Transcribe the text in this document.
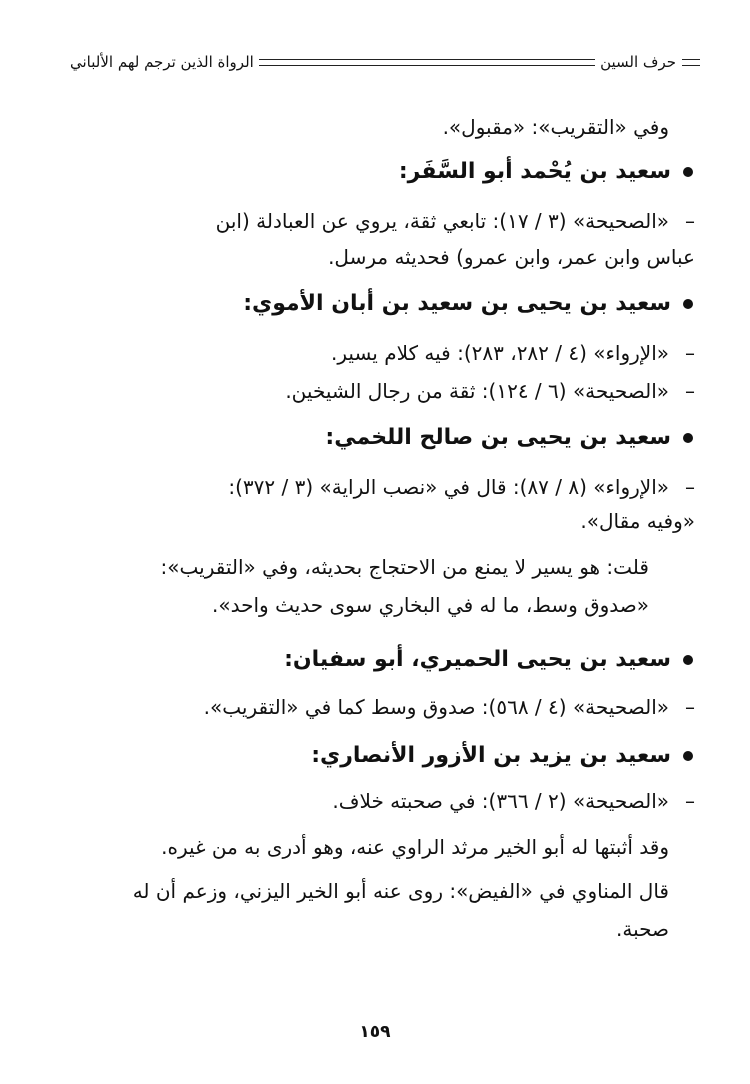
حرف السين
الرواة الذين ترجم لهم الألباني
وفي «التقريب»: «مقبول».
سعيد بن يُحْمد أبو السَّفَر:
–
«الصحيحة» (٣ / ١٧): تابعي ثقة، يروي عن العبادلة (ابن
عباس وابن عمر، وابن عمرو) فحديثه مرسل.
سعيد بن يحيى بن سعيد بن أبان الأموي:
–
«الإرواء» (٤ / ٢٨٢، ٢٨٣): فيه كلام يسير.
–
«الصحيحة» (٦ / ١٢٤): ثقة من رجال الشيخين.
سعيد بن يحيى بن صالح اللخمي:
–
«الإرواء» (٨ / ٨٧): قال في «نصب الراية» (٣ / ٣٧٢):
«وفيه مقال».
قلت: هو يسير لا يمنع من الاحتجاج بحديثه، وفي «التقريب»:
«صدوق وسط، ما له في البخاري سوى حديث واحد».
سعيد بن يحيى الحميري، أبو سفيان:
–
«الصحيحة» (٤ / ٥٦٨): صدوق وسط كما في «التقريب».
سعيد بن يزيد بن الأزور الأنصاري:
–
«الصحيحة» (٢ / ٣٦٦): في صحبته خلاف.
وقد أثبتها له أبو الخير مرثد الراوي عنه، وهو أدرى به من غيره.
قال المناوي في «الفيض»: روى عنه أبو الخير اليزني، وزعم أن له
صحبة.
١٥٩
